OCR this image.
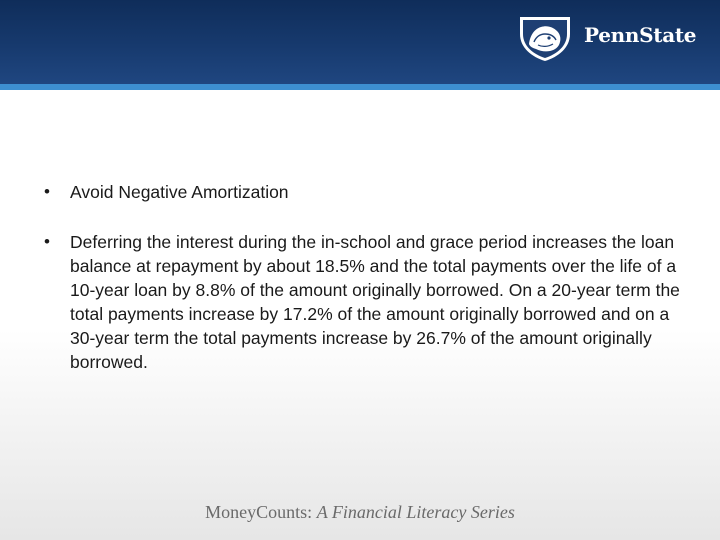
PennState
•	Avoid Negative Amortization
•	Deferring the interest during the in-school and grace period increases the loan balance at repayment by about 18.5% and the total payments over the life of a 10-year loan by 8.8% of the amount originally borrowed. On a 20-year term the total payments increase by 17.2% of the amount originally borrowed and on a 30-year term the total payments increase by 26.7% of the amount originally borrowed.
MoneyCounts: A Financial Literacy Series
